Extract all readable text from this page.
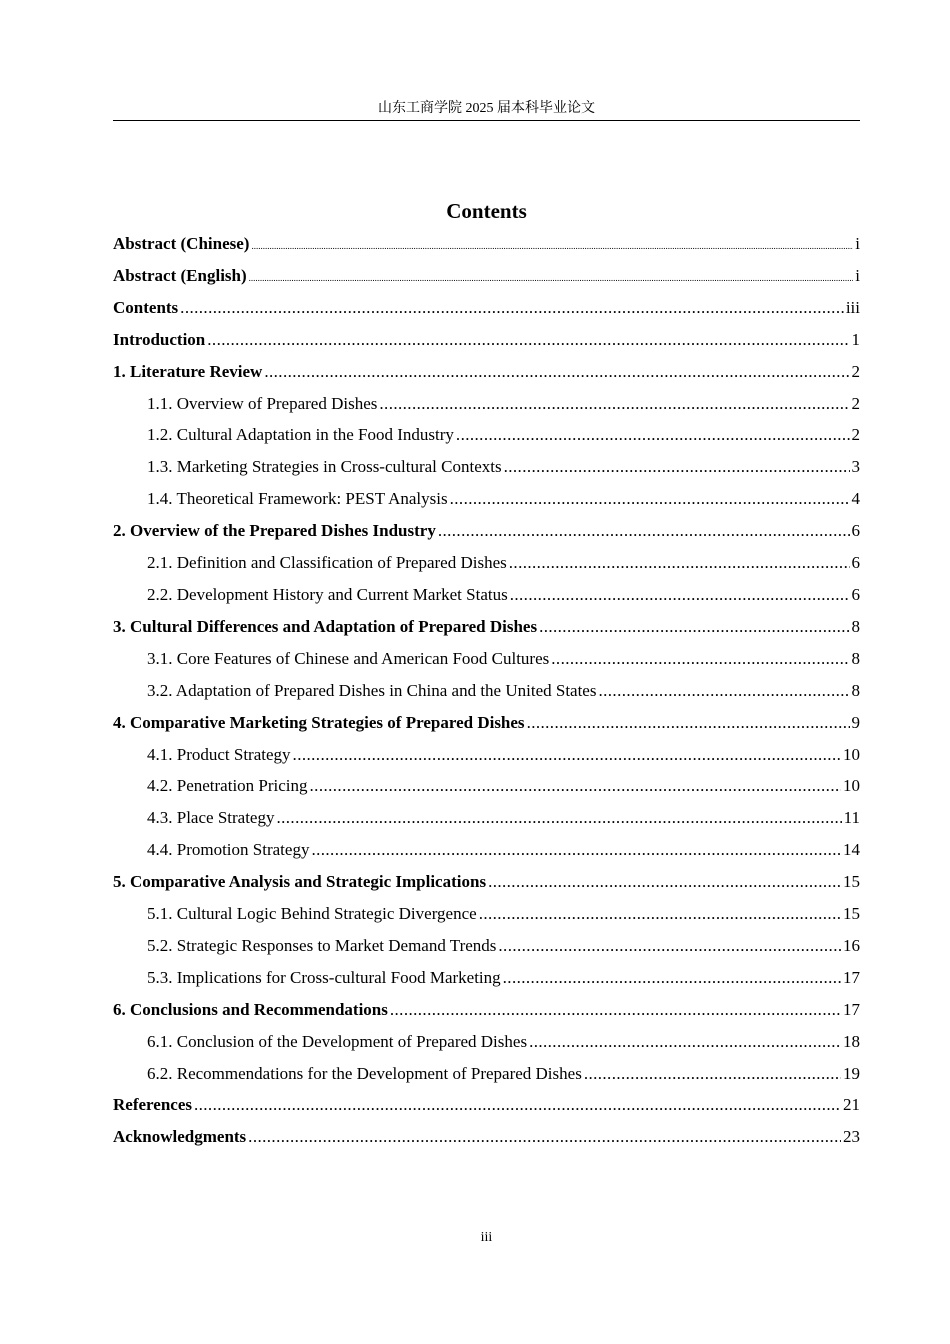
山东工商学院 2025 届本科毕业论文
Contents
Abstract (Chinese) .....	i
Abstract (English) .....	i
Contents .....	iii
Introduction .....	1
1. Literature Review .....	2
1.1. Overview of Prepared Dishes .....	2
1.2. Cultural Adaptation in the Food Industry .....	2
1.3. Marketing Strategies in Cross-cultural Contexts .....	3
1.4. Theoretical Framework: PEST Analysis .....	4
2. Overview of the Prepared Dishes Industry .....	6
2.1. Definition and Classification of Prepared Dishes .....	6
2.2. Development History and Current Market Status .....	6
3. Cultural Differences and Adaptation of Prepared Dishes .....	8
3.1. Core Features of Chinese and American Food Cultures .....	8
3.2. Adaptation of Prepared Dishes in China and the United States .....	8
4. Comparative Marketing Strategies of Prepared Dishes .....	9
4.1. Product Strategy .....	10
4.2. Penetration Pricing .....	10
4.3. Place Strategy .....	11
4.4. Promotion Strategy .....	14
5. Comparative Analysis and Strategic Implications .....	15
5.1. Cultural Logic Behind Strategic Divergence .....	15
5.2. Strategic Responses to Market Demand Trends .....	16
5.3. Implications for Cross-cultural Food Marketing .....	17
6. Conclusions and Recommendations .....	17
6.1. Conclusion of the Development of Prepared Dishes .....	18
6.2. Recommendations for the Development of Prepared Dishes .....	19
References .....	21
Acknowledgments .....	23
iii
